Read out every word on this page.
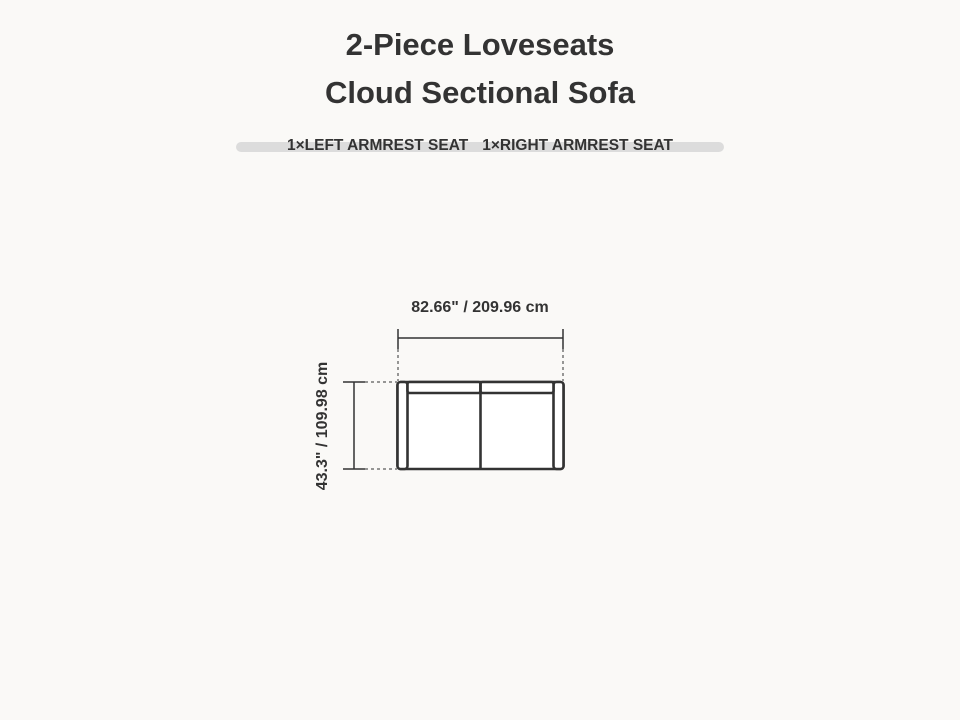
2-Piece Loveseats
Cloud Sectional Sofa
1×LEFT ARMREST SEAT 1×RIGHT ARMREST SEAT
82.66" / 209.96 cm
43.3" / 109.98 cm
